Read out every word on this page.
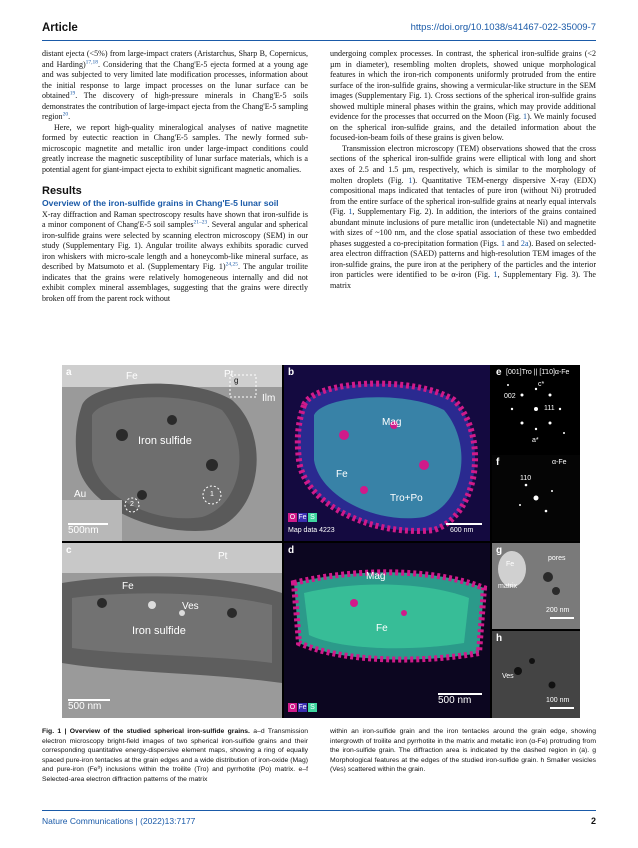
Article	https://doi.org/10.1038/s41467-022-35009-7

distant ejecta (<5%) from large-impact craters (Aristarchus, Sharp B, Copernicus, and Harding)$^{17,18}$. Considering that the Chang'E-5 ejecta formed at a young age and was subjected to very limited late modification processes, information about the initial response to large impact processes on the lunar surface can be obtained$^{19}$. The discovery of high-pressure minerals in Chang'E-5 soils demonstrates the contribution of large-impact ejecta from the Chang'E-5 sampling region$^{20}$.

Here, we report high-quality mineralogical analyses of native magnetite formed by eutectic reaction in Chang'E-5 samples. The newly formed sub-microscopic magnetite and metallic iron under large-impact conditions could greatly increase the magnetic susceptibility of lunar surface materials, which is a potential agent for giant-impact ejecta to exhibit significant magnetic anomalies.

Results
Overview of the iron-sulfide grains in Chang'E-5 lunar soil

X-ray diffraction and Raman spectroscopy results have shown that iron-sulfide is a minor component of Chang'E-5 soil samples$^{21-23}$. Several angular and spherical iron-sulfide grains were selected by scanning electron microscopy (SEM) in our study (Supplementary Fig. 1). Angular troilite always exhibits sporadic curved iron whiskers with micro-scale length and a honeycomb-like mineral surface, as described by Matsumoto et al. (Supplementary Fig. 1)$^{24,25}$. The angular troilite indicates that the grains were relatively homogeneous internally and did not exhibit complex mineral assemblages, suggesting that the grains were directly broken off from the parent rock without

undergoing complex processes. In contrast, the spherical iron-sulfide grains (<2 µm in diameter), resembling molten droplets, showed unique morphological features in which the iron-rich components uniformly protruded from the entire surface of the iron-sulfide grains, showing a vermicular-like structure in the SEM images (Supplementary Fig. 1). Cross sections of the spherical iron-sulfide grains showed multiple mineral phases within the grains, which may provide additional evidence for the processes that occurred on the Moon (Fig. 1). We mainly focused on the spherical iron-sulfide grains, and the detailed information about the focused-ion-beam foils of these grains is given below.

Transmission electron microscopy (TEM) observations showed that the cross sections of the spherical iron-sulfide grains were elliptical with long and short axes of 2.5 and 1.5 µm, respectively, which is similar to the morphology of molten droplets (Fig. 1). Quantitative TEM-energy dispersive X-ray (EDX) compositional maps indicated that tentacles of pure iron (without Ni) protruded from the entire surface of the spherical iron-sulfide grains at nearly equal intervals (Fig. 1, Supplementary Fig. 2). In addition, the interiors of the grains contained abundant minute inclusions of pure metallic iron (undetectable Ni) and magnetite with sizes of ~100 nm, and the close spatial association of these two embedded phases suggested a co-precipitation formation (Figs. 1 and 2a). Based on selected-area electron diffraction (SAED) patterns and high-resolution TEM images of the iron-sulfide grains, the pure iron at the periphery of the particles and the interior iron particles were identified to be α-iron (Fig. 1, Supplementary Fig. 3). The matrix

a	Fe	Pt
g
Ilm
Iron sulfide
Au	1
2
500nm
b
Mag
Fe
Tro+Po
O Fe S
Map data 4223	600 nm
e [001]Tro || [1̄10]α-Fe
002
111
a*
c*
f	α-Fe
110
c
Pt
Fe
Ves
Iron sulfide
500 nm
d
Mag
Fe
O Fe S
500 nm
g
Fe
pores
matrix
200 nm
h
Ves
100 nm
Fig. 1 | Overview of the studied spherical iron-sulfide grains. a–d Transmission electron microscopy bright-field images of two spherical iron-sulfide grains and their corresponding quantitative energy-dispersive element maps, showing a ring of equally spaced pure-iron tentacles at the grain edges and a wide distribution of iron-oxide (Mag) and pure-iron (Fe⁰) inclusions within the troilite (Tro) and pyrrhotite (Po) matrix. e–f Selected-area electron diffraction patterns of the matrix
within an iron-sulfide grain and the iron tentacles around the grain edge, showing intergrowth of troilite and pyrrhotite in the matrix and metallic iron (α-Fe) protruding from the iron-sulfide grain. The diffraction area is indicated by the dashed region in (a). g Morphological features at the edges of the studied iron-sulfide grain. h Smaller vesicles (Ves) scattered within the grain.
Nature Communications | (2022)13:7177	2
